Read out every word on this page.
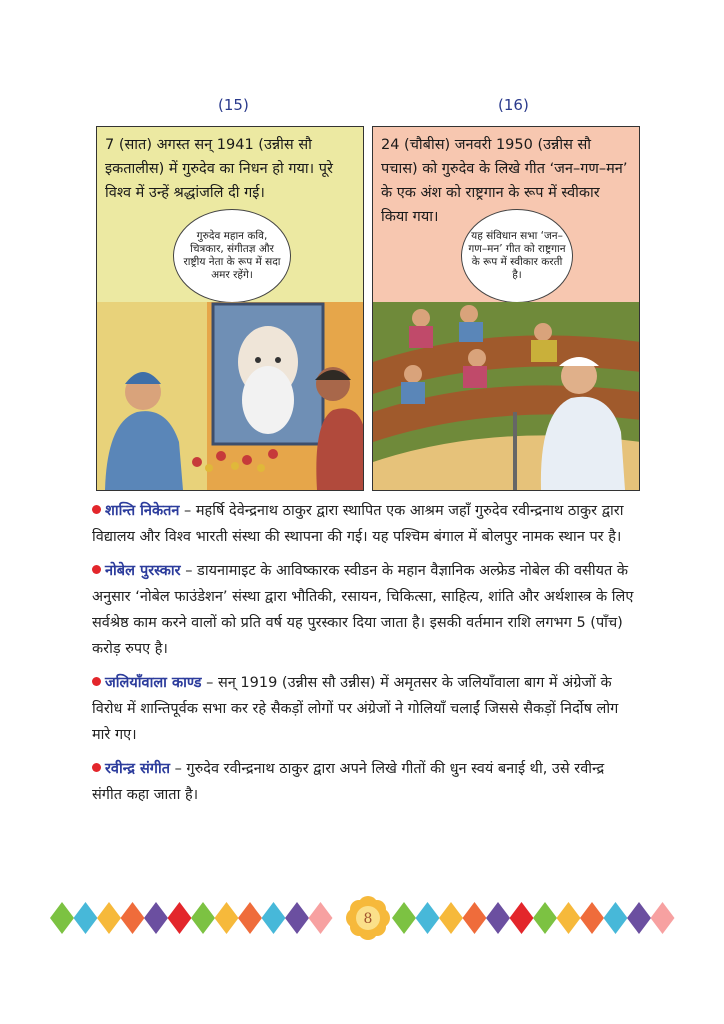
(15)	(16)
7 (सात) अगस्त सन् 1941 (उन्नीस सौ इकतालीस) में गुरुदेव का निधन हो गया। पूरे विश्व में उन्हें श्रद्धांजलि दी गई।
गुरुदेव महान कवि, चित्रकार, संगीतज्ञ और राष्ट्रीय नेता के रूप में सदा अमर रहेंगे।
24 (चौबीस) जनवरी 1950 (उन्नीस सौ पचास) को गुरुदेव के लिखे गीत ‘जन–गण–मन’ के एक अंश को राष्ट्रगान के रूप में स्वीकार किया गया।
यह संविधान सभा ‘जन–गण–मन’ गीत को राष्ट्रगान के रूप में स्वीकार करती है।
शान्ति निकेतन – महर्षि देवेन्द्रनाथ ठाकुर द्वारा स्थापित एक आश्रम जहाँ गुरुदेव रवीन्द्रनाथ ठाकुर द्वारा विद्यालय और विश्व भारती संस्था की स्थापना की गई। यह पश्चिम बंगाल में बोलपुर नामक स्थान पर है।
नोबेल पुरस्कार – डायनामाइट के आविष्कारक स्वीडन के महान वैज्ञानिक अल्फ्रेड नोबेल की वसीयत के अनुसार ‘नोबेल फाउंडेशन’ संस्था द्वारा भौतिकी, रसायन, चिकित्सा, साहित्य, शांति और अर्थशास्त्र के लिए सर्वश्रेष्ठ काम करने वालों को प्रति वर्ष यह पुरस्कार दिया जाता है। इसकी वर्तमान राशि लगभग 5 (पाँच) करोड़ रुपए है।
जलियाँवाला काण्ड – सन् 1919 (उन्नीस सौ उन्नीस) में अमृतसर के जलियाँवाला बाग में अंग्रेजों के विरोध में शान्तिपूर्वक सभा कर रहे सैकड़ों लोगों पर अंग्रेजों ने गोलियाँ चलाईं जिससे सैकड़ों निर्दोष लोग मारे गए।
रवीन्द्र संगीत – गुरुदेव रवीन्द्रनाथ ठाकुर द्वारा अपने लिखे गीतों की धुन स्वयं बनाई थी, उसे रवीन्द्र संगीत कहा जाता है।
8
